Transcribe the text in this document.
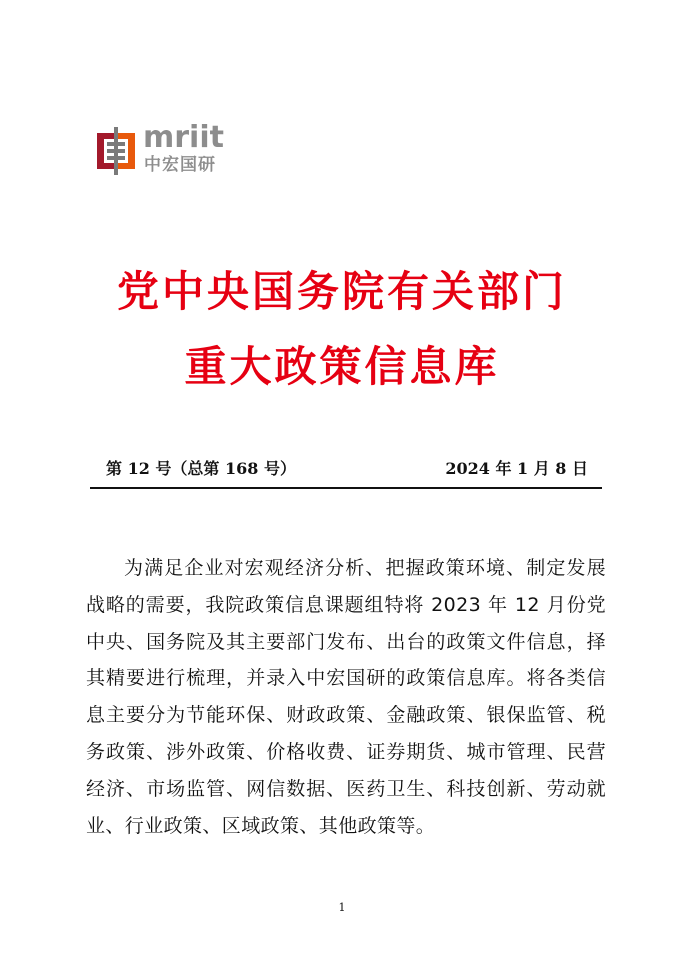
mriit
中宏国研
党中央国务院有关部门
重大政策信息库
第 12 号（总第 168 号）	2024 年 1 月 8 日

为满足企业对宏观经济分析、把握政策环境、制定发展战略的需要，我院政策信息课题组特将 2023 年 12 月份党中央、国务院及其主要部门发布、出台的政策文件信息，择其精要进行梳理，并录入中宏国研的政策信息库。将各类信息主要分为节能环保、财政政策、金融政策、银保监管、税务政策、涉外政策、价格收费、证券期货、城市管理、民营经济、市场监管、网信数据、医药卫生、科技创新、劳动就业、行业政策、区域政策、其他政策等。

1
